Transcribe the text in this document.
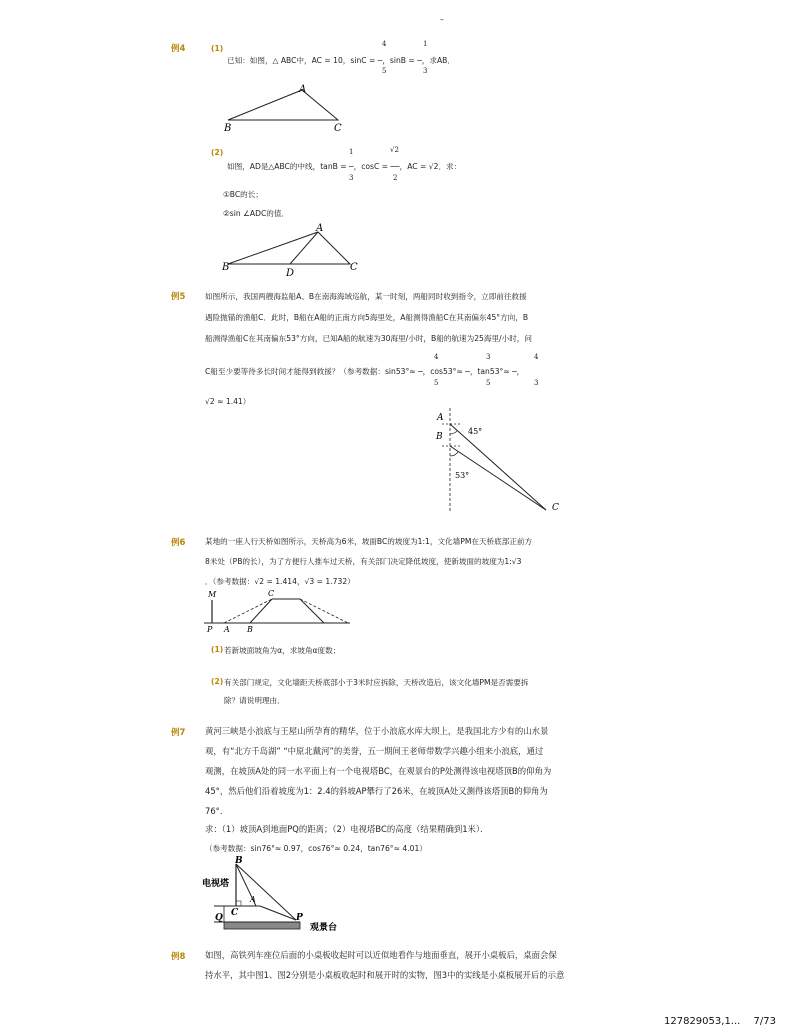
–
例4	(1)	4
5
1
3
已知：如图，△ ABC中，AC = 10，sinC = ─，sinB = ─，求AB．
B
A
C
(2)	1
3
√2
2
如图，AD是△ABC的中线，tanB = ─，cosC = ──，AC = √2．求：
①BC的长；
②sin ∠ADC的值．
B
A
C
D
例5	如图所示，我国两艘海监船A、B在南海海域巡航，某一时刻，两船同时收到指令，立即前往救援
遇险抛锚的渔船C．此时，B船在A船的正南方向5海里处，A船测得渔船C在其南偏东45°方向，B
船测得渔船C在其南偏东53°方向，已知A船的航速为30海里/小时，B船的航速为25海里/小时，问
4
5
3
5
4
3
C船至少要等待多长时间才能得到救援？（参考数据：sin53°≈ ─，cos53°≈ ─，tan53°≈ ─，
√2 ≈ 1.41）
A
B
C
45°
53°
例6	某地的一座人行天桥如图所示，天桥高为6米，坡面BC的坡度为1:1，文化墙PM在天桥底部正前方
8米处（PB的长），为了方便行人推车过天桥，有关部门决定降低坡度，使新坡面的坡度为1:√3
．（参考数据：√2 = 1.414，√3 = 1.732）
M
P A B
C
(1) 若新坡面坡角为α，求坡角α度数；
(2) 有关部门规定，文化墙距天桥底部小于3米时应拆除，天桥改造后，该文化墙PM是否需要拆
除？请说明理由．
例7 黄河三峡是小浪底与王屋山所孕育的精华，位于小浪底水库大坝上，是我国北方少有的山水景
观，有“北方千岛湖” “中原北戴河”的美誉，五一期间王老师带数学兴趣小组来小浪底，通过
观测，在坡顶A处的同一水平面上有一个电视塔BC，在观景台的P处测得该电视塔顶B的仰角为
45°，然后他们沿着坡度为1：2.4的斜坡AP攀行了26米，在坡顶A处又测得该塔顶B的仰角为
76°．
求：（1）坡顶A到地面PQ的距离；（2）电视塔BC的高度（结果精确到1米）．
（参考数据：sin76°≈ 0.97，cos76°≈ 0.24，tan76°≈ 4.01）
B
电视塔
A
C
Q	P
观景台
例8 如图，高铁列车座位后面的小桌板收起时可以近似地看作与地面垂直，展开小桌板后，桌面会保
持水平，其中图1、图2分别是小桌板收起时和展开时的实物，图3中的实线是小桌板展开后的示意
127829053,1... 7/73
